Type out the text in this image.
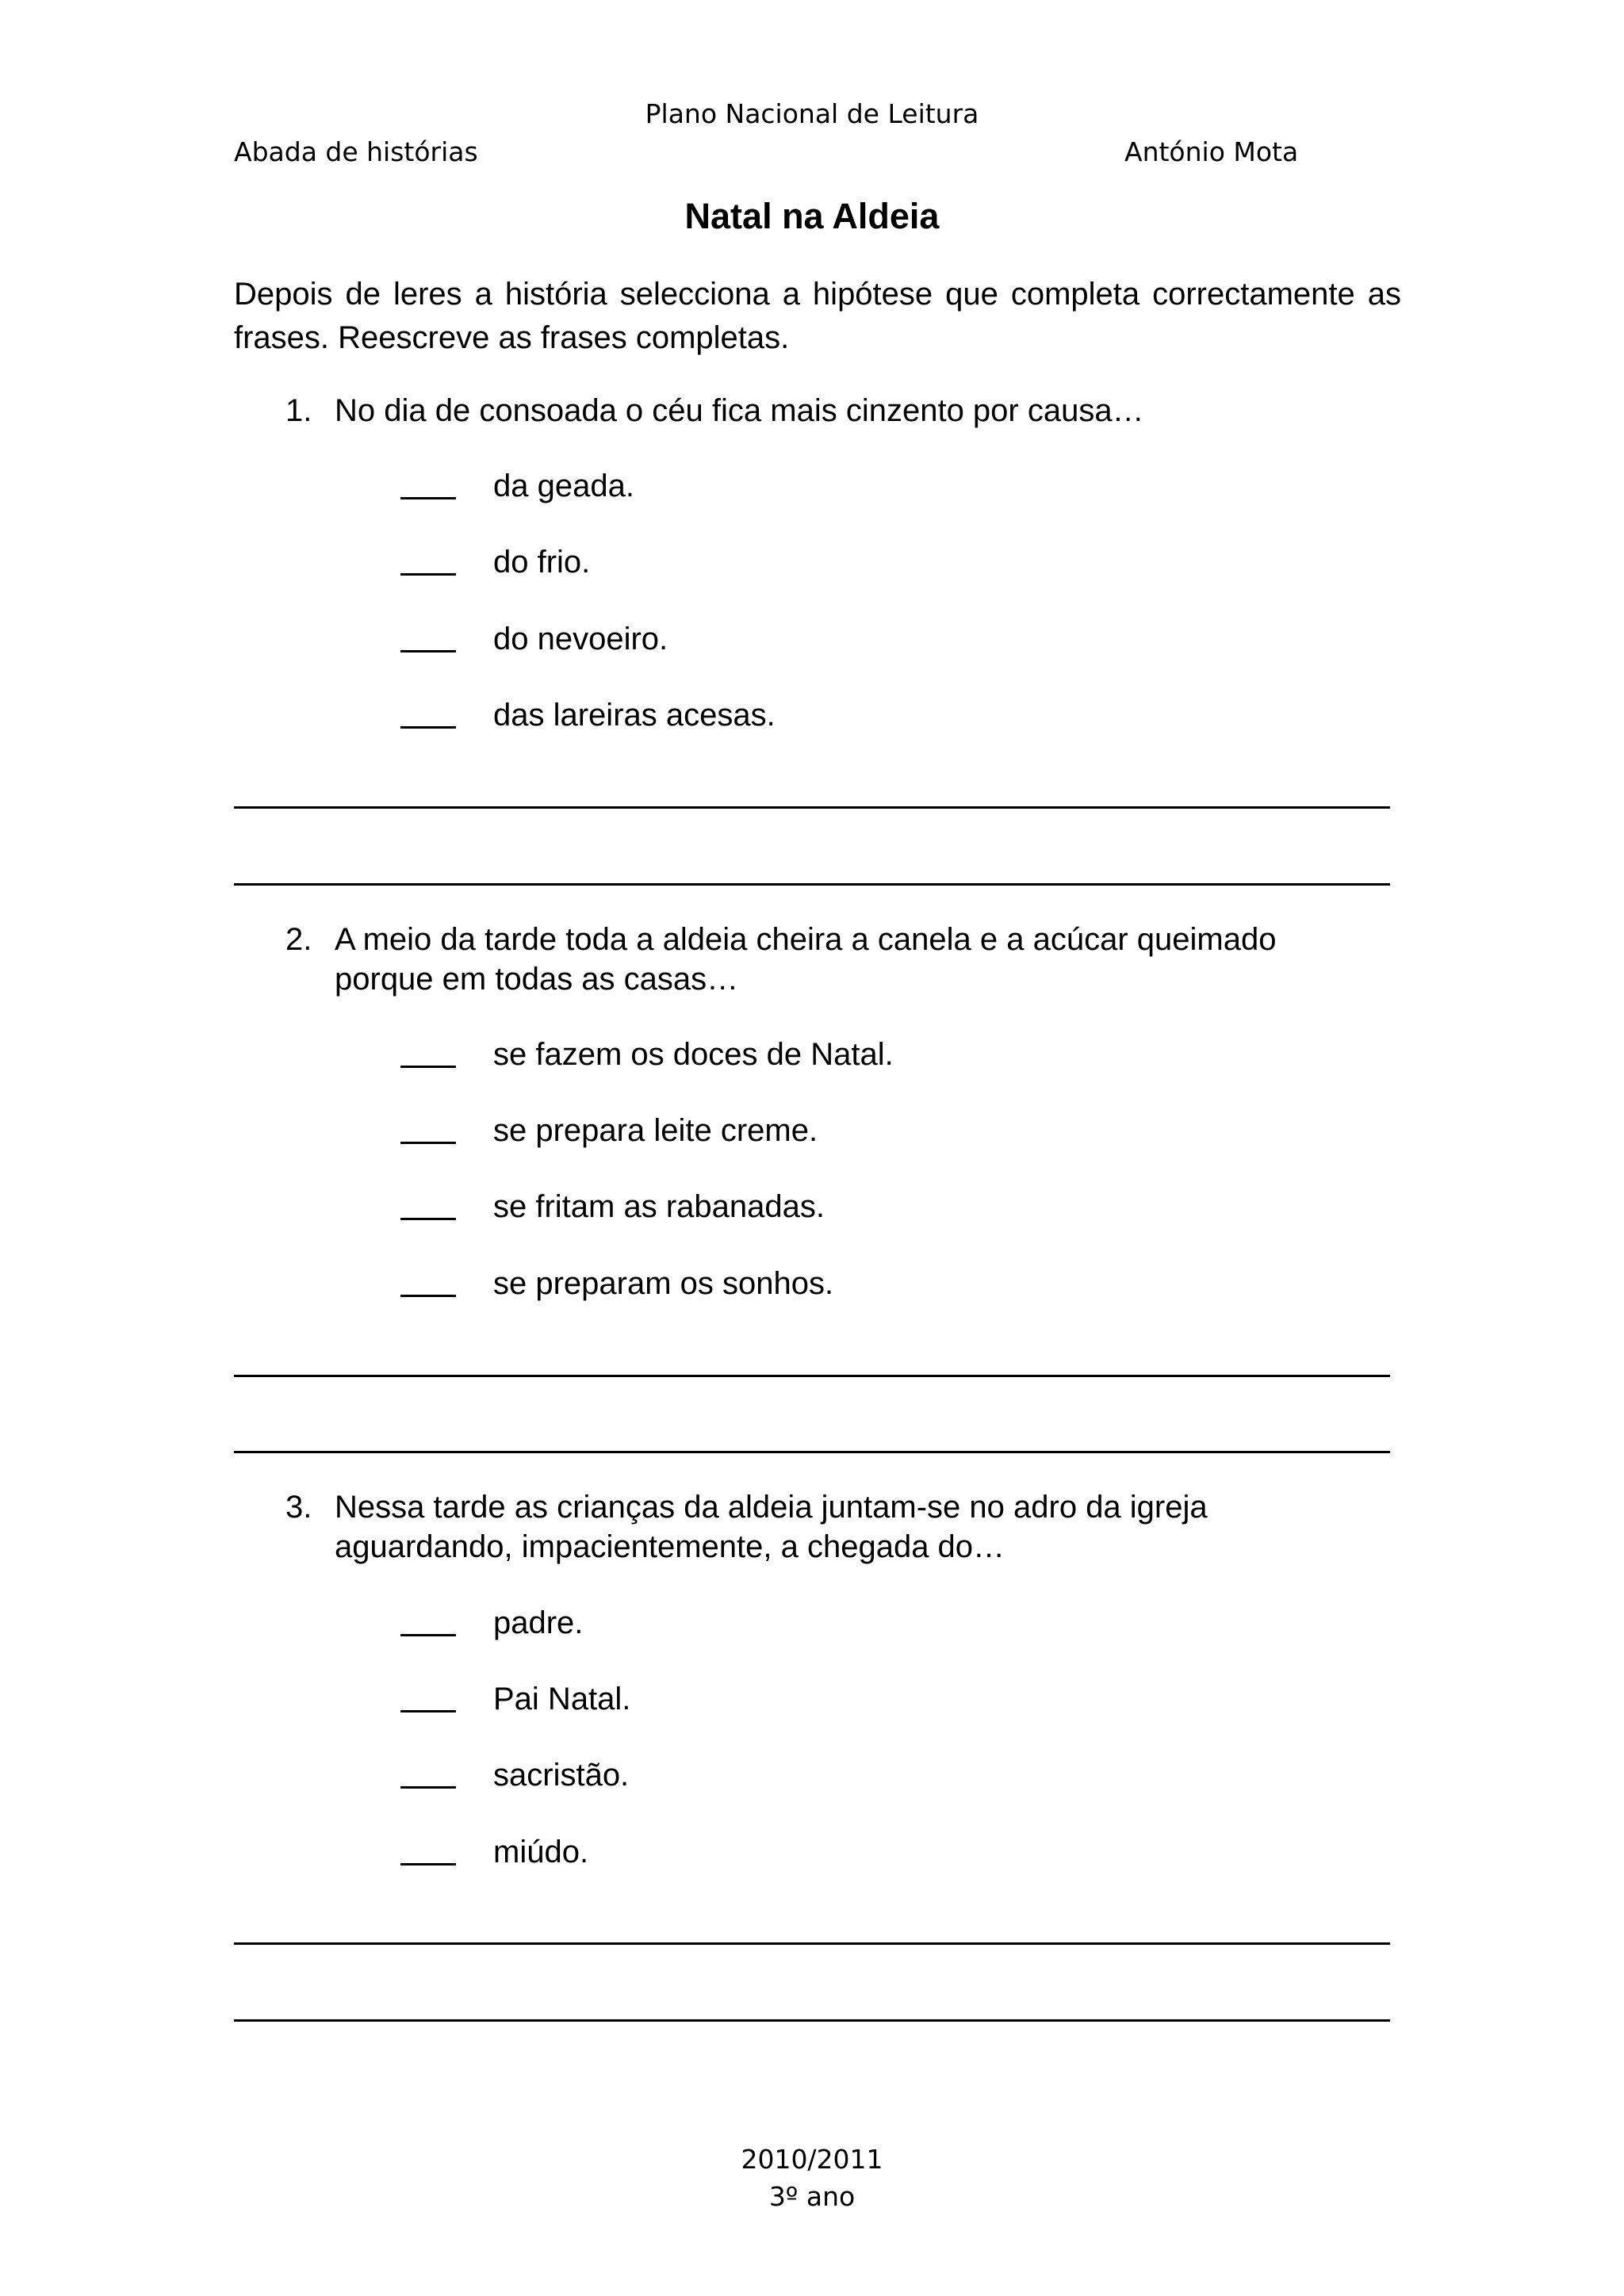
Plano Nacional de Leitura
Abada de histórias	António Mota
Natal na Aldeia
Depois de leres a história selecciona a hipótese que completa correctamente as frases. Reescreve as frases completas.
1. No dia de consoada o céu fica mais cinzento por causa…
da geada.
do frio.
do nevoeiro.
das lareiras acesas.
2. A meio da tarde toda a aldeia cheira a canela e a acúcar queimado
porque em todas as casas…
se fazem os doces de Natal.
se prepara leite creme.
se fritam as rabanadas.
se preparam os sonhos.
3. Nessa tarde as crianças da aldeia juntam-se no adro da igreja
aguardando, impacientemente, a chegada do…
padre.
Pai Natal.
sacristão.
miúdo.
2010/2011
3º ano
